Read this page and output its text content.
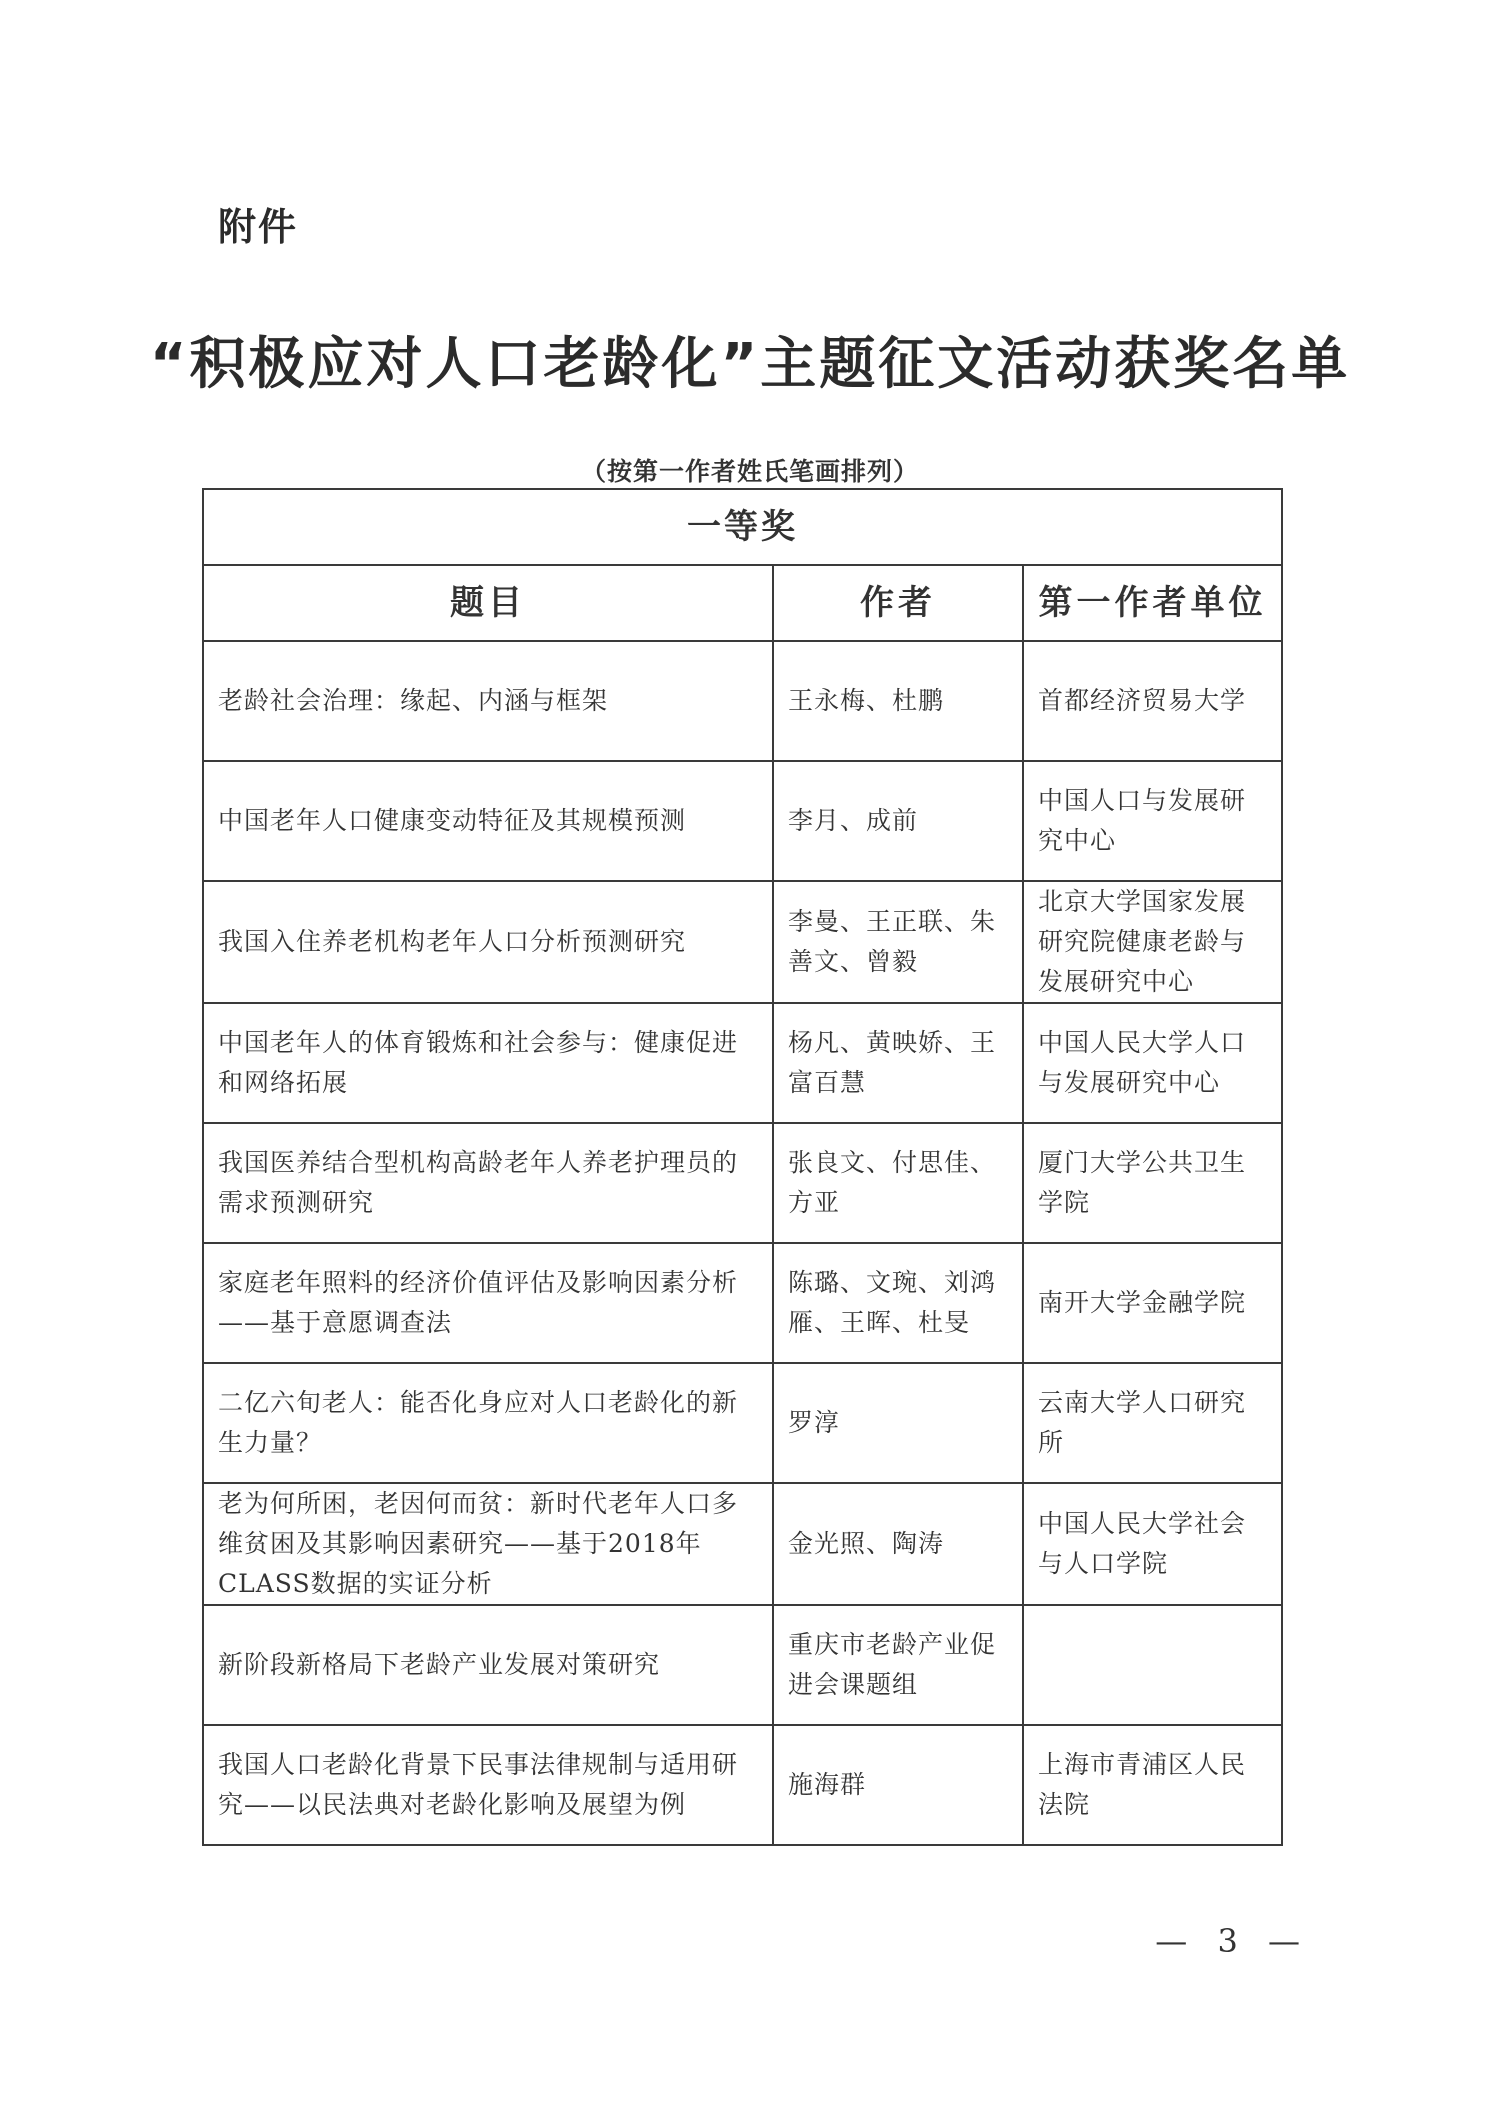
附件
“积极应对人口老龄化”主题征文活动获奖名单
（按第一作者姓氏笔画排列）
一等奖		
题目	作者	第一作者单位
老龄社会治理：缘起、内涵与框架	王永梅、杜鹏	首都经济贸易大学
中国老年人口健康变动特征及其规模预测	李月、成前	中国人口与发展研究中心
我国入住养老机构老年人口分析预测研究	李曼、王正联、朱善文、曾毅	北京大学国家发展研究院健康老龄与发展研究中心
中国老年人的体育锻炼和社会参与：健康促进和网络拓展	杨凡、黄映娇、王富百慧	中国人民大学人口与发展研究中心
我国医养结合型机构高龄老年人养老护理员的需求预测研究	张良文、付思佳、方亚	厦门大学公共卫生学院
家庭老年照料的经济价值评估及影响因素分析——基于意愿调查法	陈璐、文琬、刘鸿雁、王晖、杜旻	南开大学金融学院
二亿六旬老人：能否化身应对人口老龄化的新生力量？	罗淳	云南大学人口研究所
老为何所困，老因何而贫：新时代老年人口多维贫困及其影响因素研究——基于2018年CLASS数据的实证分析	金光照、陶涛	中国人民大学社会与人口学院
新阶段新格局下老龄产业发展对策研究	重庆市老龄产业促进会课题组	
我国人口老龄化背景下民事法律规制与适用研究——以民法典对老龄化影响及展望为例	施海群	上海市青浦区人民法院
— 3 —
